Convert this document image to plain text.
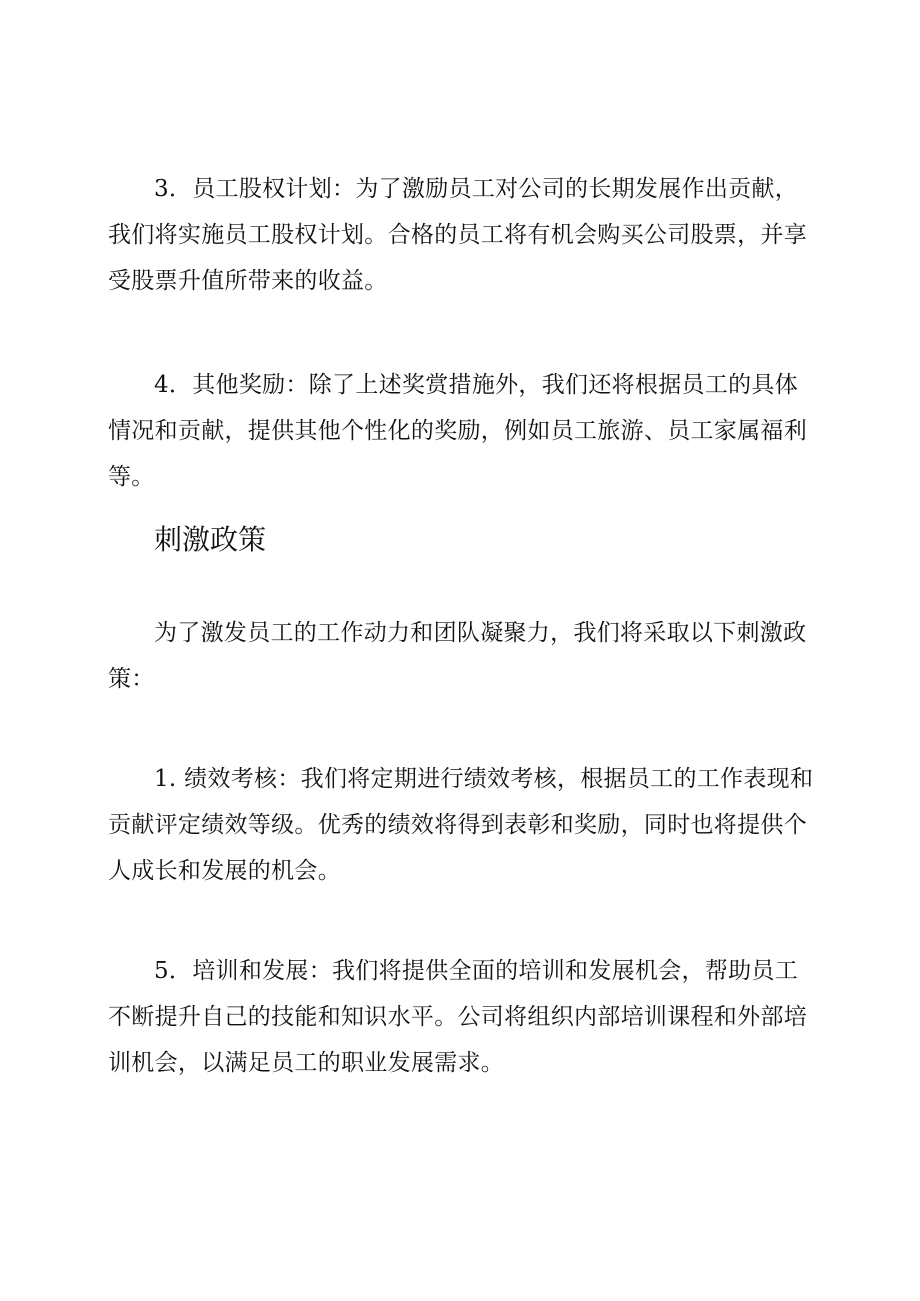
3．员工股权计划：为了激励员工对公司的长期发展作出贡献，我们将实施员工股权计划。合格的员工将有机会购买公司股票，并享受股票升值所带来的收益。

4．其他奖励：除了上述奖赏措施外，我们还将根据员工的具体情况和贡献，提供其他个性化的奖励，例如员工旅游、员工家属福利等。

刺激政策

为了激发员工的工作动力和团队凝聚力，我们将采取以下刺激政策：

1. 绩效考核：我们将定期进行绩效考核，根据员工的工作表现和贡献评定绩效等级。优秀的绩效将得到表彰和奖励，同时也将提供个人成长和发展的机会。

5．培训和发展：我们将提供全面的培训和发展机会，帮助员工不断提升自己的技能和知识水平。公司将组织内部培训课程和外部培训机会，以满足员工的职业发展需求。
